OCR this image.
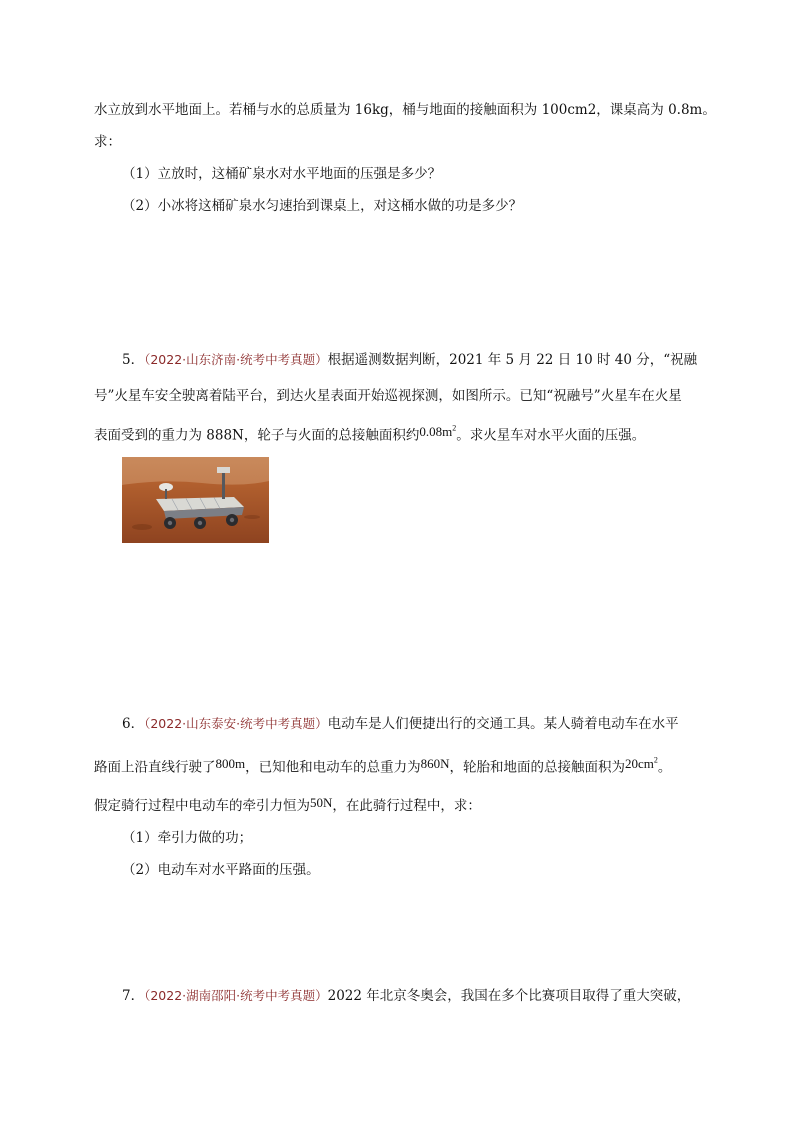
水立放到水平地面上。若桶与水的总质量为 16kg，桶与地面的接触面积为 100cm2，课桌高为 0.8m。
求：
（1）立放时，这桶矿泉水对水平地面的压强是多少？
（2）小冰将这桶矿泉水匀速抬到课桌上，对这桶水做的功是多少？
5．（2022·山东济南·统考中考真题）根据遥测数据判断，2021 年 5 月 22 日 10 时 40 分，“祝融
号”火星车安全驶离着陆平台，到达火星表面开始巡视探测，如图所示。已知“祝融号”火星车在火星
表面受到的重力为 888N，轮子与火面的总接触面积约$0.08m^2$。求火星车对水平火面的压强。
6．（2022·山东泰安·统考中考真题）电动车是人们便捷出行的交通工具。某人骑着电动车在水平
路面上沿直线行驶了800m，已知他和电动车的总重力为860N，轮胎和地面的总接触面积为$20cm^2$。
假定骑行过程中电动车的牵引力恒为50N，在此骑行过程中，求：
（1）牵引力做的功；
（2）电动车对水平路面的压强。
7．（2022·湖南邵阳·统考中考真题）2022 年北京冬奥会，我国在多个比赛项目取得了重大突破，
